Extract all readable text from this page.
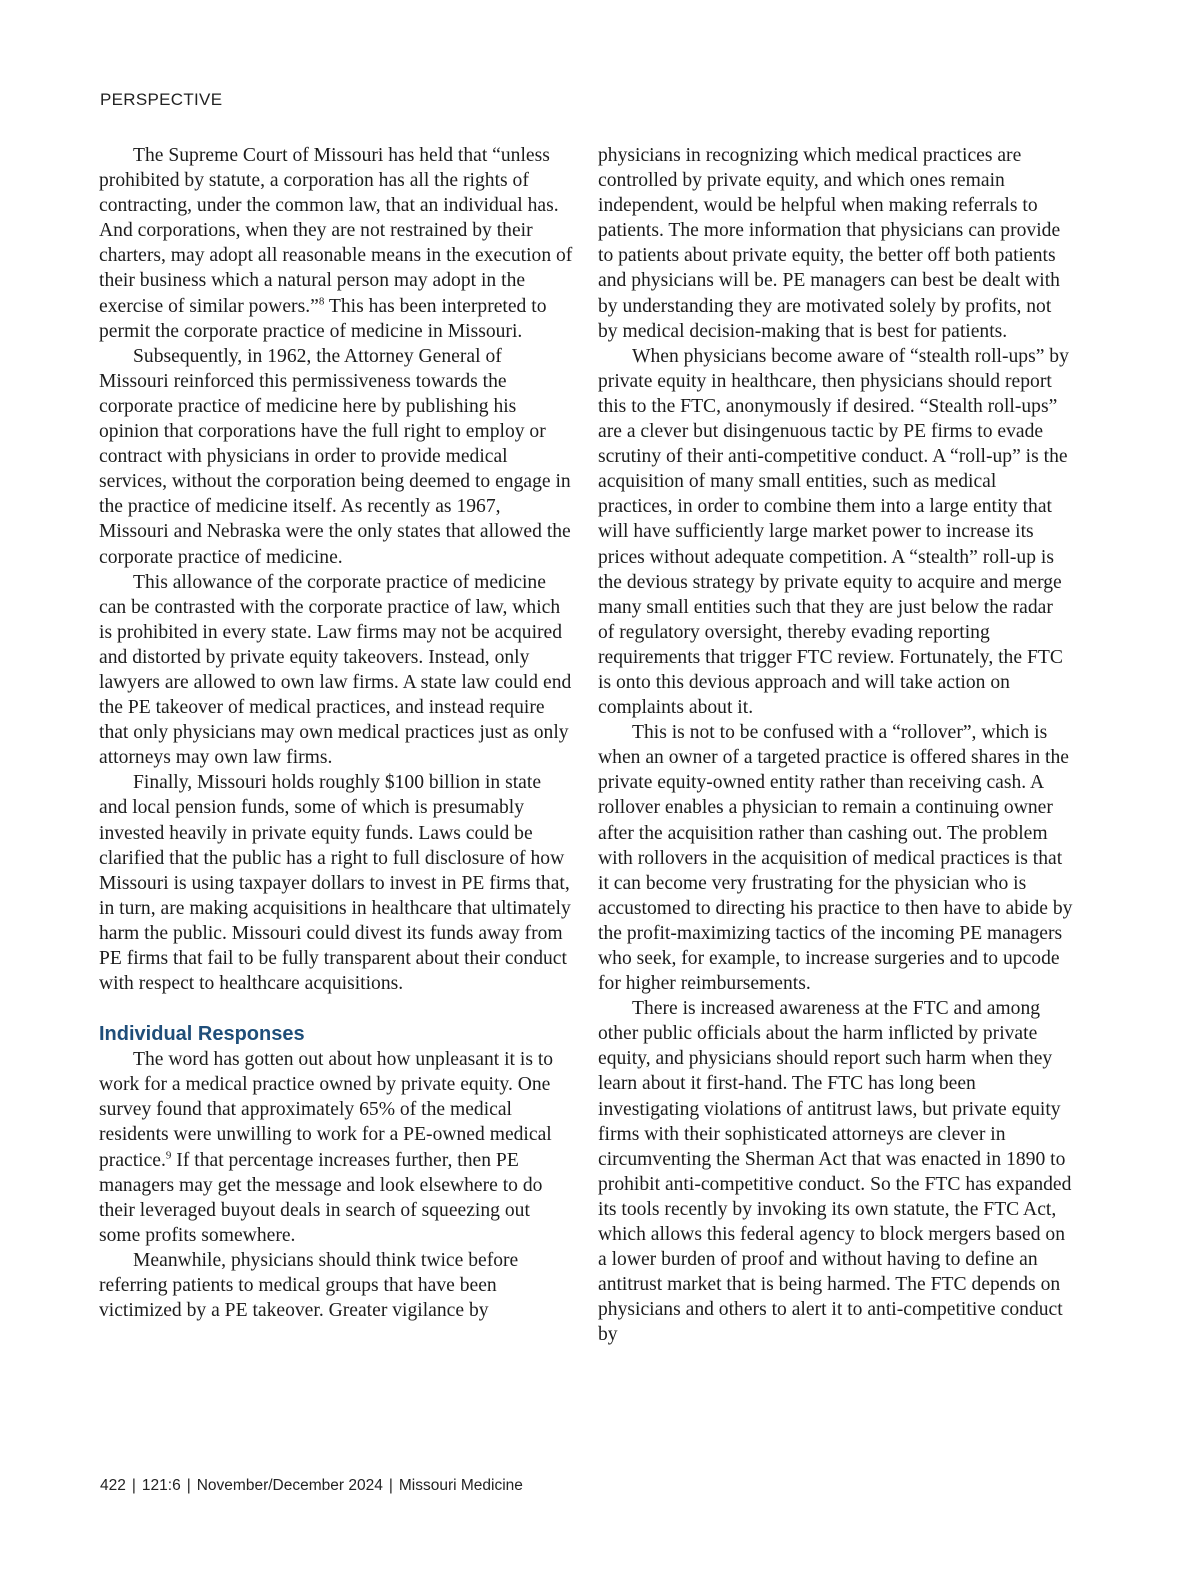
PERSPECTIVE

The Supreme Court of Missouri has held that “unless prohibited by statute, a corporation has all the rights of contracting, under the common law, that an individual has. And corporations, when they are not restrained by their charters, may adopt all reasonable means in the execution of their business which a natural person may adopt in the exercise of similar powers.”$^8$ This has been interpreted to permit the corporate practice of medicine in Missouri.

Subsequently, in 1962, the Attorney General of Missouri reinforced this permissiveness towards the corporate practice of medicine here by publishing his opinion that corporations have the full right to employ or contract with physicians in order to provide medical services, without the corporation being deemed to engage in the practice of medicine itself. As recently as 1967, Missouri and Nebraska were the only states that allowed the corporate practice of medicine.

This allowance of the corporate practice of medicine can be contrasted with the corporate practice of law, which is prohibited in every state. Law firms may not be acquired and distorted by private equity takeovers. Instead, only lawyers are allowed to own law firms. A state law could end the PE takeover of medical practices, and instead require that only physicians may own medical practices just as only attorneys may own law firms.

Finally, Missouri holds roughly $100 billion in state and local pension funds, some of which is presumably invested heavily in private equity funds. Laws could be clarified that the public has a right to full disclosure of how Missouri is using taxpayer dollars to invest in PE firms that, in turn, are making acquisitions in healthcare that ultimately harm the public. Missouri could divest its funds away from PE firms that fail to be fully transparent about their conduct with respect to healthcare acquisitions.

Individual Responses

The word has gotten out about how unpleasant it is to work for a medical practice owned by private equity. One survey found that approximately 65% of the medical residents were unwilling to work for a PE-owned medical practice.$^9$ If that percentage increases further, then PE managers may get the message and look elsewhere to do their leveraged buyout deals in search of squeezing out some profits somewhere.

Meanwhile, physicians should think twice before referring patients to medical groups that have been victimized by a PE takeover. Greater vigilance by

physicians in recognizing which medical practices are controlled by private equity, and which ones remain independent, would be helpful when making referrals to patients. The more information that physicians can provide to patients about private equity, the better off both patients and physicians will be. PE managers can best be dealt with by understanding they are motivated solely by profits, not by medical decision-making that is best for patients.

When physicians become aware of “stealth roll-ups” by private equity in healthcare, then physicians should report this to the FTC, anonymously if desired. “Stealth roll-ups” are a clever but disingenuous tactic by PE firms to evade scrutiny of their anti-competitive conduct. A “roll-up” is the acquisition of many small entities, such as medical practices, in order to combine them into a large entity that will have sufficiently large market power to increase its prices without adequate competition. A “stealth” roll-up is the devious strategy by private equity to acquire and merge many small entities such that they are just below the radar of regulatory oversight, thereby evading reporting requirements that trigger FTC review. Fortunately, the FTC is onto this devious approach and will take action on complaints about it.

This is not to be confused with a “rollover”, which is when an owner of a targeted practice is offered shares in the private equity-owned entity rather than receiving cash. A rollover enables a physician to remain a continuing owner after the acquisition rather than cashing out. The problem with rollovers in the acquisition of medical practices is that it can become very frustrating for the physician who is accustomed to directing his practice to then have to abide by the profit-maximizing tactics of the incoming PE managers who seek, for example, to increase surgeries and to upcode for higher reimbursements.

There is increased awareness at the FTC and among other public officials about the harm inflicted by private equity, and physicians should report such harm when they learn about it first-hand. The FTC has long been investigating violations of antitrust laws, but private equity firms with their sophisticated attorneys are clever in circumventing the Sherman Act that was enacted in 1890 to prohibit anti-competitive conduct. So the FTC has expanded its tools recently by invoking its own statute, the FTC Act, which allows this federal agency to block mergers based on a lower burden of proof and without having to define an antitrust market that is being harmed. The FTC depends on physicians and others to alert it to anti-competitive conduct by

422 | 121:6 | November/December 2024 | Missouri Medicine
